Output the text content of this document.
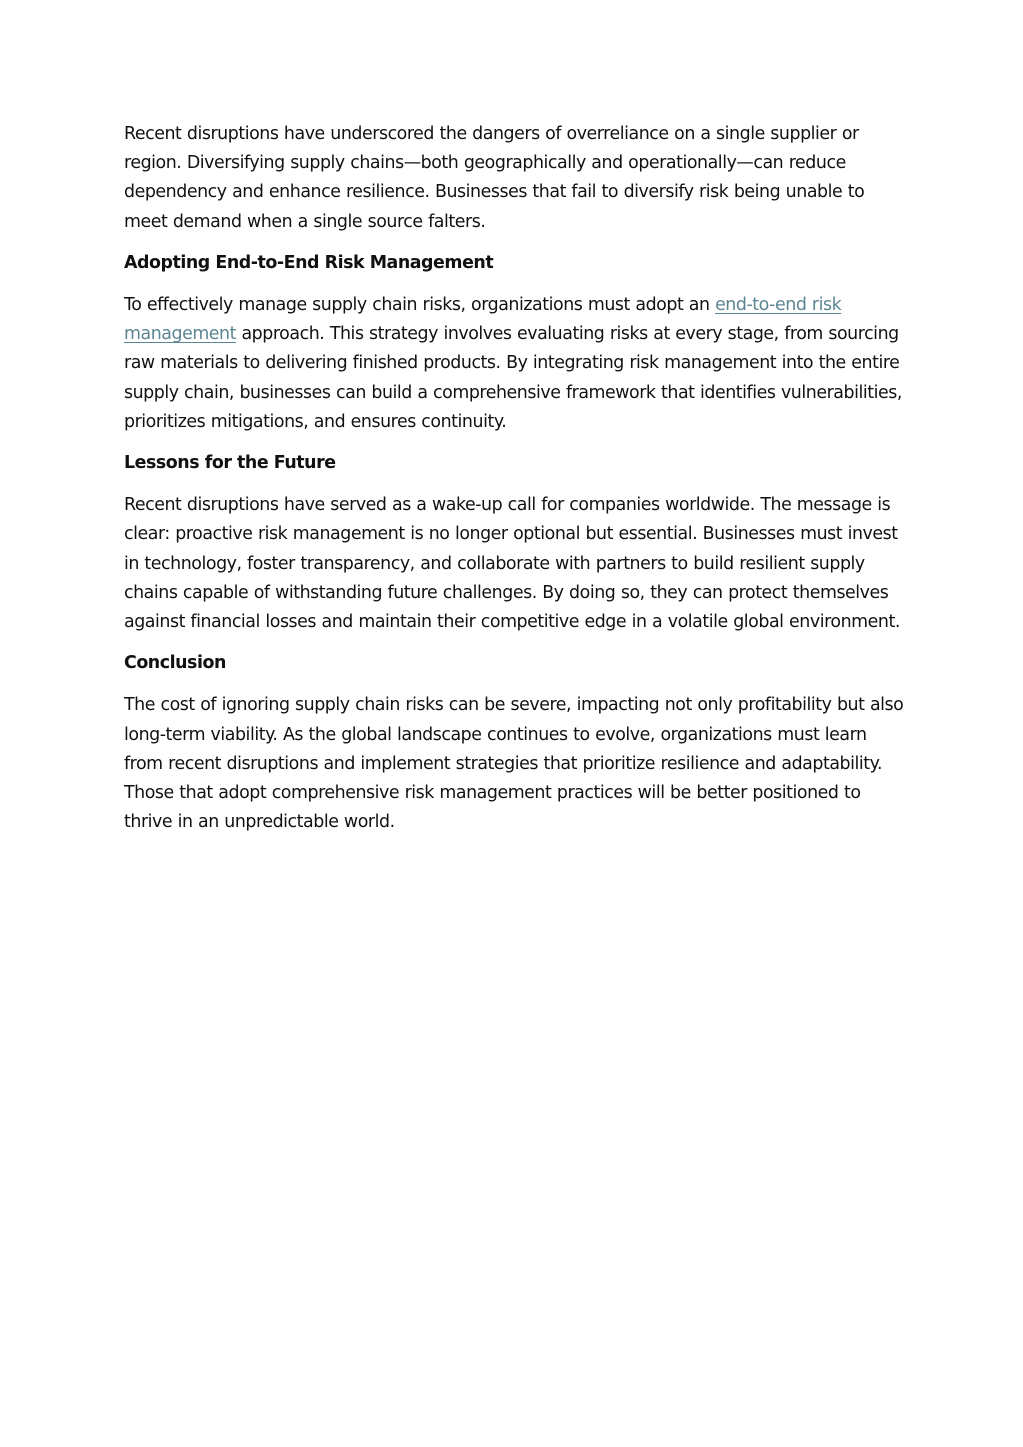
Recent disruptions have underscored the dangers of overreliance on a single supplier or region. Diversifying supply chains—both geographically and operationally—can reduce dependency and enhance resilience. Businesses that fail to diversify risk being unable to meet demand when a single source falters.

Adopting End-to-End Risk Management

To effectively manage supply chain risks, organizations must adopt an end-to-end risk management approach. This strategy involves evaluating risks at every stage, from sourcing raw materials to delivering finished products. By integrating risk management into the entire supply chain, businesses can build a comprehensive framework that identifies vulnerabilities, prioritizes mitigations, and ensures continuity.

Lessons for the Future

Recent disruptions have served as a wake-up call for companies worldwide. The message is clear: proactive risk management is no longer optional but essential. Businesses must invest in technology, foster transparency, and collaborate with partners to build resilient supply chains capable of withstanding future challenges. By doing so, they can protect themselves against financial losses and maintain their competitive edge in a volatile global environment.

Conclusion

The cost of ignoring supply chain risks can be severe, impacting not only profitability but also long-term viability. As the global landscape continues to evolve, organizations must learn from recent disruptions and implement strategies that prioritize resilience and adaptability. Those that adopt comprehensive risk management practices will be better positioned to thrive in an unpredictable world.
